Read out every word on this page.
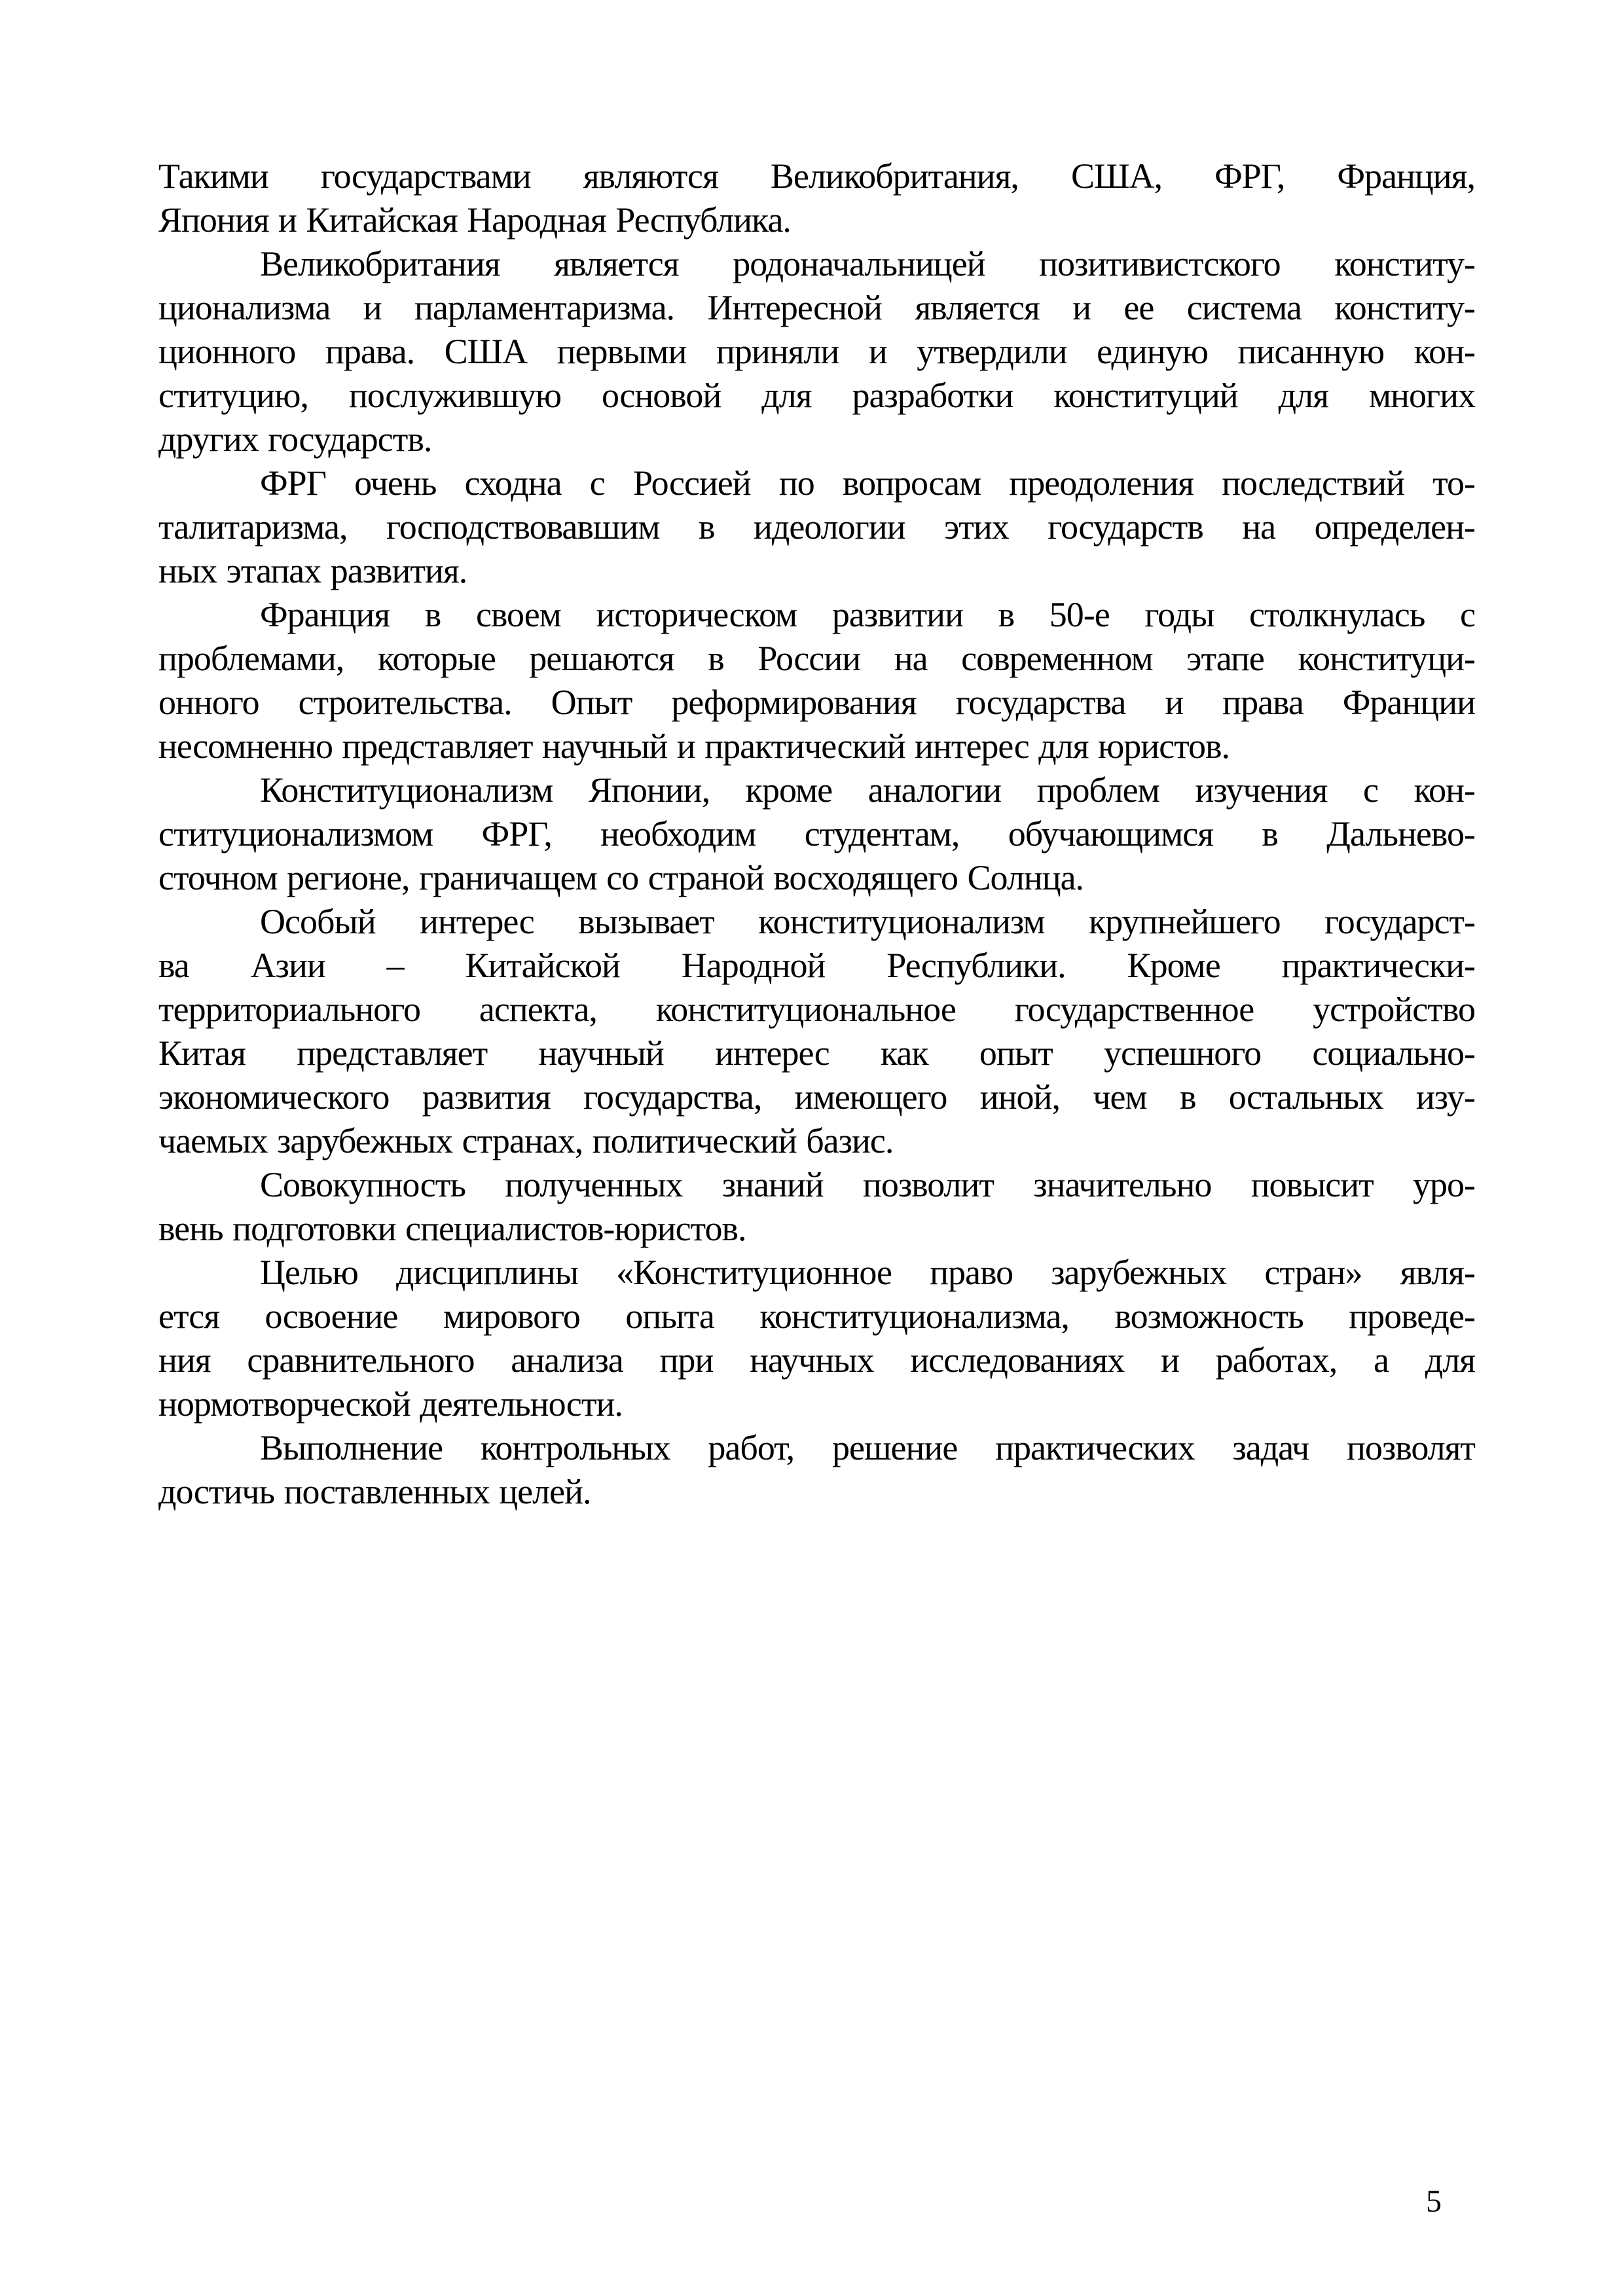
Такими государствами являются Великобритания, США, ФРГ, Франция,
Япония и Китайская Народная Республика.
Великобритания является родоначальницей позитивистского конститу-
ционализма и парламентаризма. Интересной является и ее система конститу-
ционного права. США первыми приняли и утвердили единую писанную кон-
ституцию, послужившую основой для разработки конституций для многих
других государств.
ФРГ очень сходна с Россией по вопросам преодоления последствий то-
талитаризма, господствовавшим в идеологии этих государств на определен-
ных этапах развития.
Франция в своем историческом развитии в 50-е годы столкнулась с
проблемами, которые решаются в России на современном этапе конституци-
онного строительства. Опыт реформирования государства и права Франции
несомненно представляет научный и практический интерес для юристов.
Конституционализм Японии, кроме аналогии проблем изучения с кон-
ституционализмом ФРГ, необходим студентам, обучающимся в Дальнево-
сточном регионе, граничащем со страной восходящего Солнца.
Особый интерес вызывает конституционализм крупнейшего государст-
ва Азии – Китайской Народной Республики. Кроме практически-
территориального аспекта, конституциональное государственное устройство
Китая представляет научный интерес как опыт успешного социально-
экономического развития государства, имеющего иной, чем в остальных изу-
чаемых зарубежных странах, политический базис.
Совокупность полученных знаний позволит значительно повысит уро-
вень подготовки специалистов-юристов.
Целью дисциплины «Конституционное право зарубежных стран» явля-
ется освоение мирового опыта конституционализма, возможность проведе-
ния сравнительного анализа при научных исследованиях и работах, а для
нормотворческой деятельности.
Выполнение контрольных работ, решение практических задач позволят
достичь поставленных целей.
5
